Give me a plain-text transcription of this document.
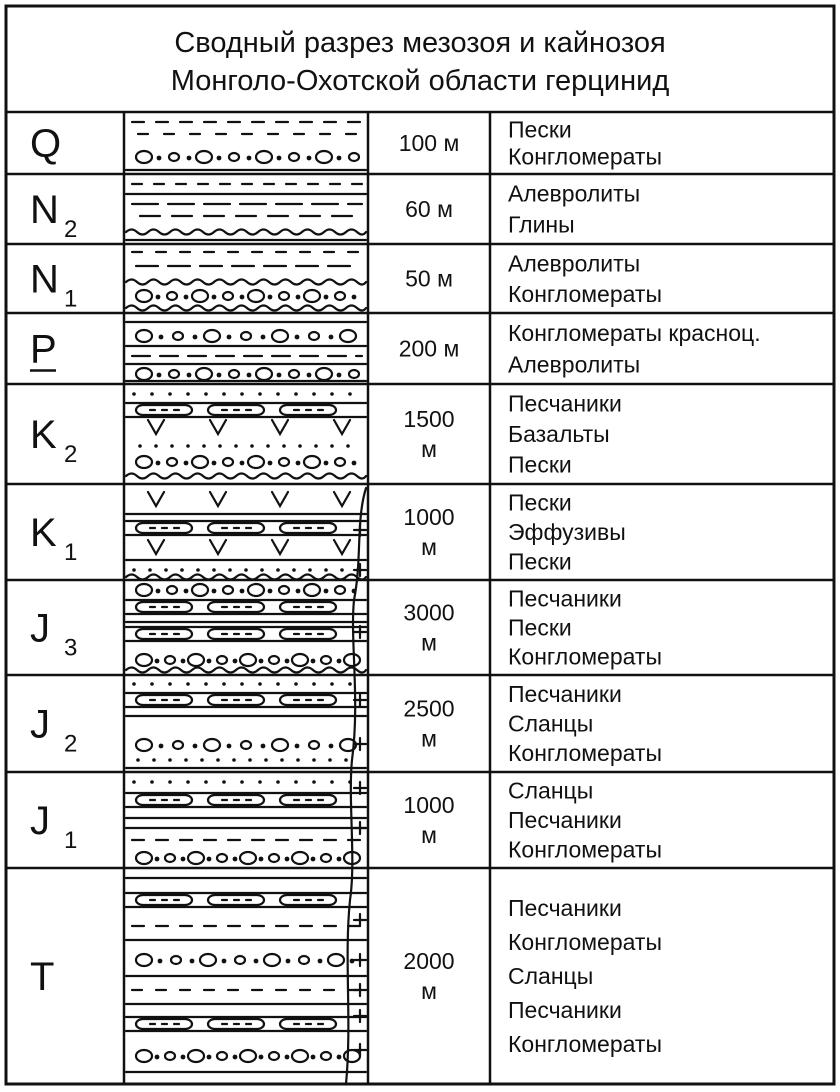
Сводный разрез мезозоя и кайнозоя
Монголо-Охотской области герцинид
Q
N 2
N 1
P
K 2
K 1
J 3
J 2
J 1
T
100 м
60 м
50 м
200 м
1500
м
1000
м
3000
м
2500
м
1000
м
2000
м
Пески
Конгломераты
Алевролиты
Глины
Алевролиты
Конгломераты
Конгломераты красноц.
Алевролиты
Песчаники
Базальты
Пески
Пески
Эффузивы
Пески
Песчаники
Пески
Конгломераты
Песчаники
Сланцы
Конгломераты
Сланцы
Песчаники
Конгломераты
Песчаники
Конгломераты
Сланцы
Песчаники
Конгломераты
